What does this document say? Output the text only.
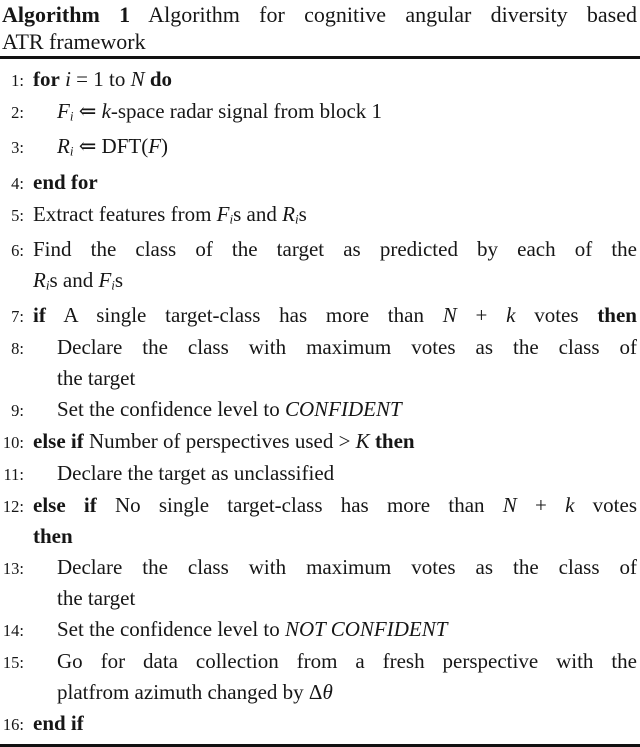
Algorithm 1 Algorithm for cognitive angular diversity based
ATR framework
1: for i = 1 to N do
2: Fi ⇐ k-space radar signal from block 1
3: Ri ⇐ DFT(F)
4: end for
5: Extract features from Fis and Ris
6: Find the class of the target as predicted by each of the
Ris and Fis
7: if A single target-class has more than N + k votes then
8: Declare the class with maximum votes as the class of
the target
9: Set the confidence level to CONFIDENT
10: else if Number of perspectives used > K then
11: Declare the target as unclassified
12: else if No single target-class has more than N + k votes
then
13: Declare the class with maximum votes as the class of
the target
14: Set the confidence level to NOT CONFIDENT
15: Go for data collection from a fresh perspective with the
platfrom azimuth changed by Δθ
16: end if
